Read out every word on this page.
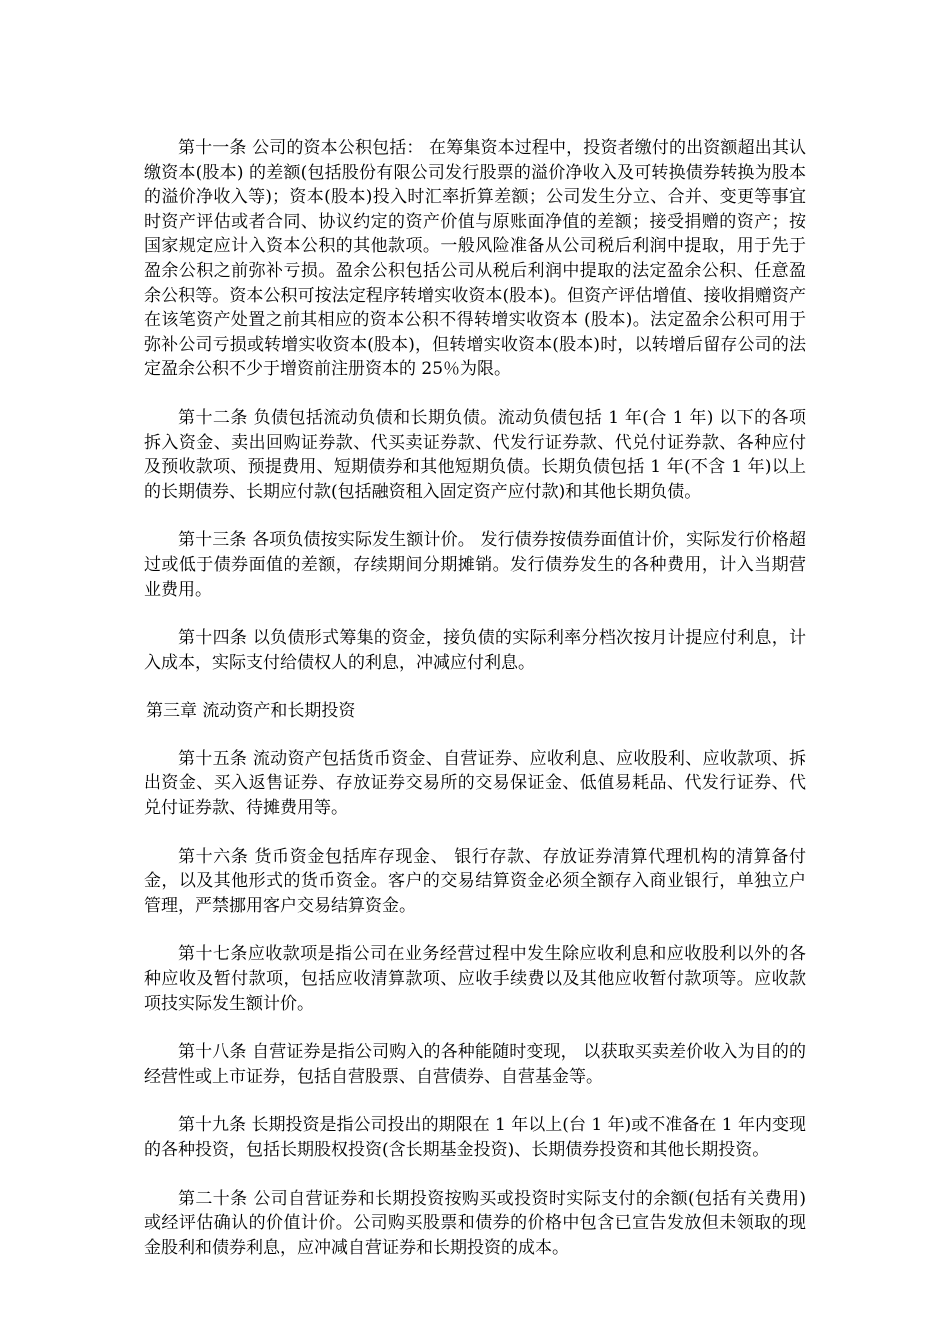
第十一条 公司的资本公积包括： 在筹集资本过程中，投资者缴付的出资额超出其认缴资本(股本) 的差额(包括股份有限公司发行股票的溢价净收入及可转换债券转换为股本的溢价净收入等)；资本(股本)投入时汇率折算差额；公司发生分立、合并、变更等事宜时资产评估或者合同、协议约定的资产价值与原账面净值的差额；接受捐赠的资产；按国家规定应计入资本公积的其他款项。一般风险准备从公司税后利润中提取，用于先于盈余公积之前弥补亏损。盈余公积包括公司从税后利润中提取的法定盈余公积、任意盈余公积等。资本公积可按法定程序转增实收资本(股本)。但资产评估增值、接收捐赠资产在该笔资产处置之前其相应的资本公积不得转增实收资本 (股本)。法定盈余公积可用于弥补公司亏损或转增实收资本(股本)，但转增实收资本(股本)时，以转增后留存公司的法定盈余公积不少于增资前注册资本的 25％为限。

第十二条 负债包括流动负债和长期负债。流动负债包括 1 年(合 1 年) 以下的各项拆入资金、卖出回购证券款、代买卖证券款、代发行证券款、代兑付证券款、各种应付及预收款项、预提费用、短期债券和其他短期负债。长期负债包括 1 年(不含 1 年)以上的长期债券、长期应付款(包括融资租入固定资产应付款)和其他长期负债。

第十三条 各项负债按实际发生额计价。 发行债券按债券面值计价，实际发行价格超过或低于债券面值的差额，存续期间分期摊销。发行债券发生的各种费用，计入当期营业费用。

第十四条 以负债形式筹集的资金，接负债的实际利率分档次按月计提应付利息，计入成本，实际支付给债权人的利息，冲减应付利息。

第三章 流动资产和长期投资

第十五条 流动资产包括货币资金、自营证券、应收利息、应收股利、应收款项、拆出资金、买入返售证券、存放证券交易所的交易保证金、低值易耗品、代发行证券、代兑付证券款、待摊费用等。

第十六条 货币资金包括库存现金、 银行存款、存放证券清算代理机构的清算备付金，以及其他形式的货币资金。客户的交易结算资金必须全额存入商业银行，单独立户管理，严禁挪用客户交易结算资金。

第十七条应收款项是指公司在业务经营过程中发生除应收利息和应收股利以外的各种应收及暂付款项，包括应收清算款项、应收手续费以及其他应收暂付款项等。应收款项技实际发生额计价。

第十八条 自营证券是指公司购入的各种能随时变现， 以获取买卖差价收入为目的的经营性或上市证券，包括自营股票、自营债券、自营基金等。

第十九条 长期投资是指公司投出的期限在 1 年以上(台 1 年)或不准备在 1 年内变现的各种投资，包括长期股权投资(含长期基金投资)、长期债券投资和其他长期投资。

第二十条 公司自营证券和长期投资按购买或投资时实际支付的余额(包括有关费用) 或经评估确认的价值计价。公司购买股票和债券的价格中包含已宣告发放但未领取的现金股利和债券利息，应冲减自营证券和长期投资的成本。
